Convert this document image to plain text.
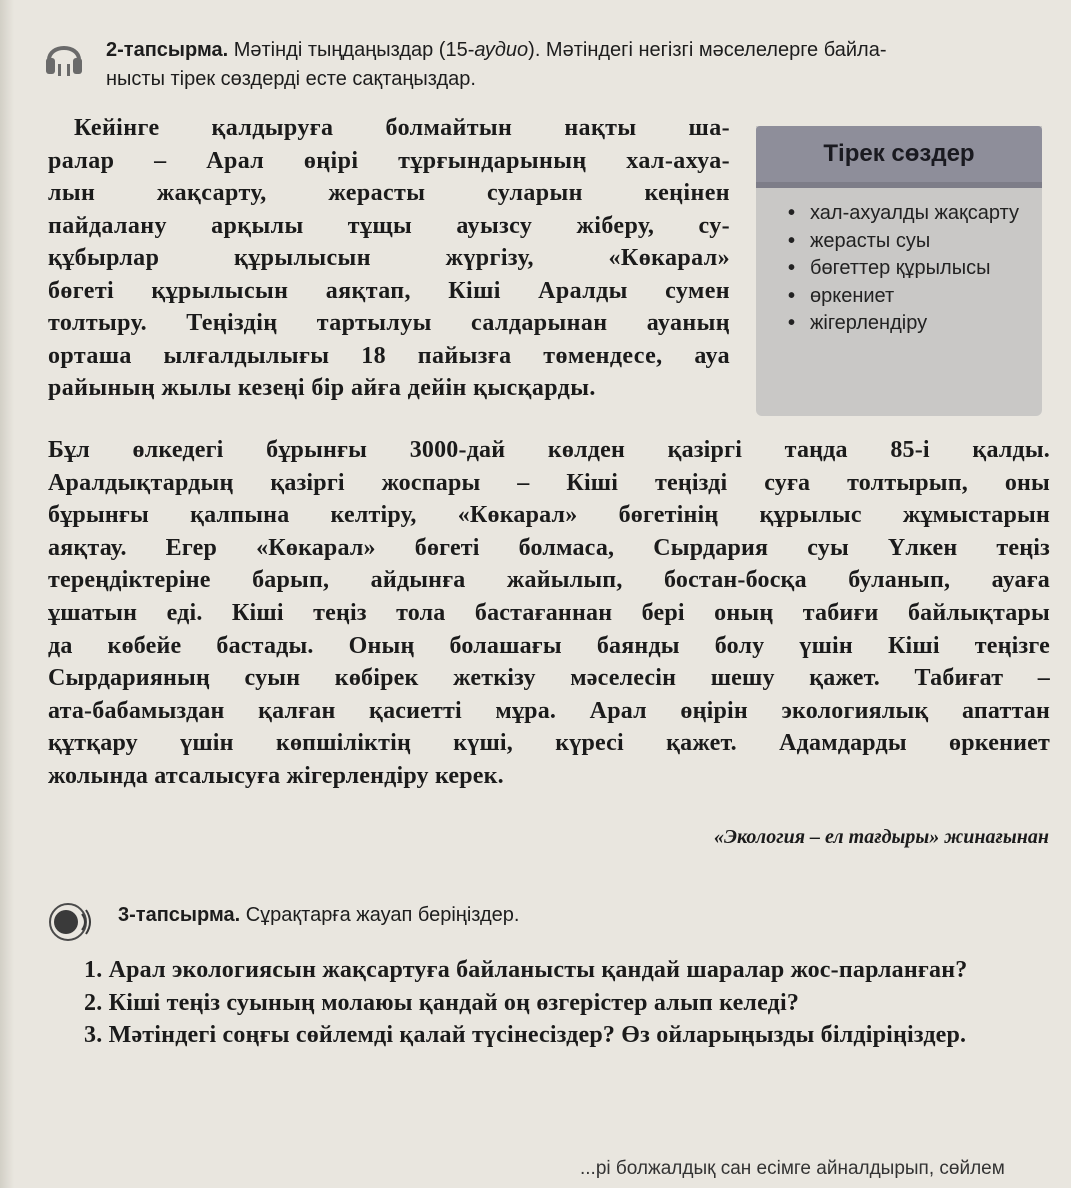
2-тапсырма. Мәтінді тыңдаңыздар (15-аудио). Мәтіндегі негізгі мәселелерге байла-
нысты тірек сөздерді есте сақтаңыздар.
Кейінге қалдыруға болмайтын нақты ша-
ралар – Арал өңірі тұрғындарының хал-ахуа-
лын жақсарту, жерасты суларын кеңінен
пайдалану арқылы тұщы ауызсу жіберу, су-
құбырлар құрылысын жүргізу, «Көкарал»
бөгеті құрылысын аяқтап, Кіші Аралды сумен
толтыру. Теңіздің тартылуы салдарынан ауаның
орташа ылғалдылығы 18 пайызға төмендесе, ауа
райының жылы кезеңі бір айға дейін қысқарды.
Тірек сөздер
• хал-ахуалды жақсарту
• жерасты суы
• бөгеттер құрылысы
• өркениет
• жігерлендіру
Бұл өлкедегі бұрынғы 3000-дай көлден қазіргі таңда 85-і қалды.
Аралдықтардың қазіргі жоспары – Кіші теңізді суға толтырып, оны
бұрынғы қалпына келтіру, «Көкарал» бөгетінің құрылыс жұмыстарын
аяқтау. Егер «Көкарал» бөгеті болмаса, Сырдария суы Үлкен теңіз
тереңдіктеріне барып, айдынға жайылып, бостан-босқа буланып, ауаға
ұшатын еді. Кіші теңіз тола бастағаннан бері оның табиғи байлықтары
да көбейе бастады. Оның болашағы баянды болу үшін Кіші теңізге
Сырдарияның суын көбірек жеткізу мәселесін шешу қажет. Табиғат –
ата-бабамыздан қалған қасиетті мұра. Арал өңірін экологиялық апаттан
құтқару үшін көпшіліктің күші, күресі қажет. Адамдарды өркениет
жолында атсалысуға жігерлендіру керек.
«Экология – ел тағдыры» жинағынан
3-тапсырма. Сұрақтарға жауап беріңіздер.
1. Арал экологиясын жақсартуға байланысты қандай шаралар жос-парланған?
2. Кіші теңіз суының молаюы қандай оң өзгерістер алып келеді?
3. Мәтіндегі соңғы сөйлемді қалай түсінесіздер? Өз ойларыңызды білдіріңіздер.
...рі болжалдық сан есімге айналдырып, сөйлем
